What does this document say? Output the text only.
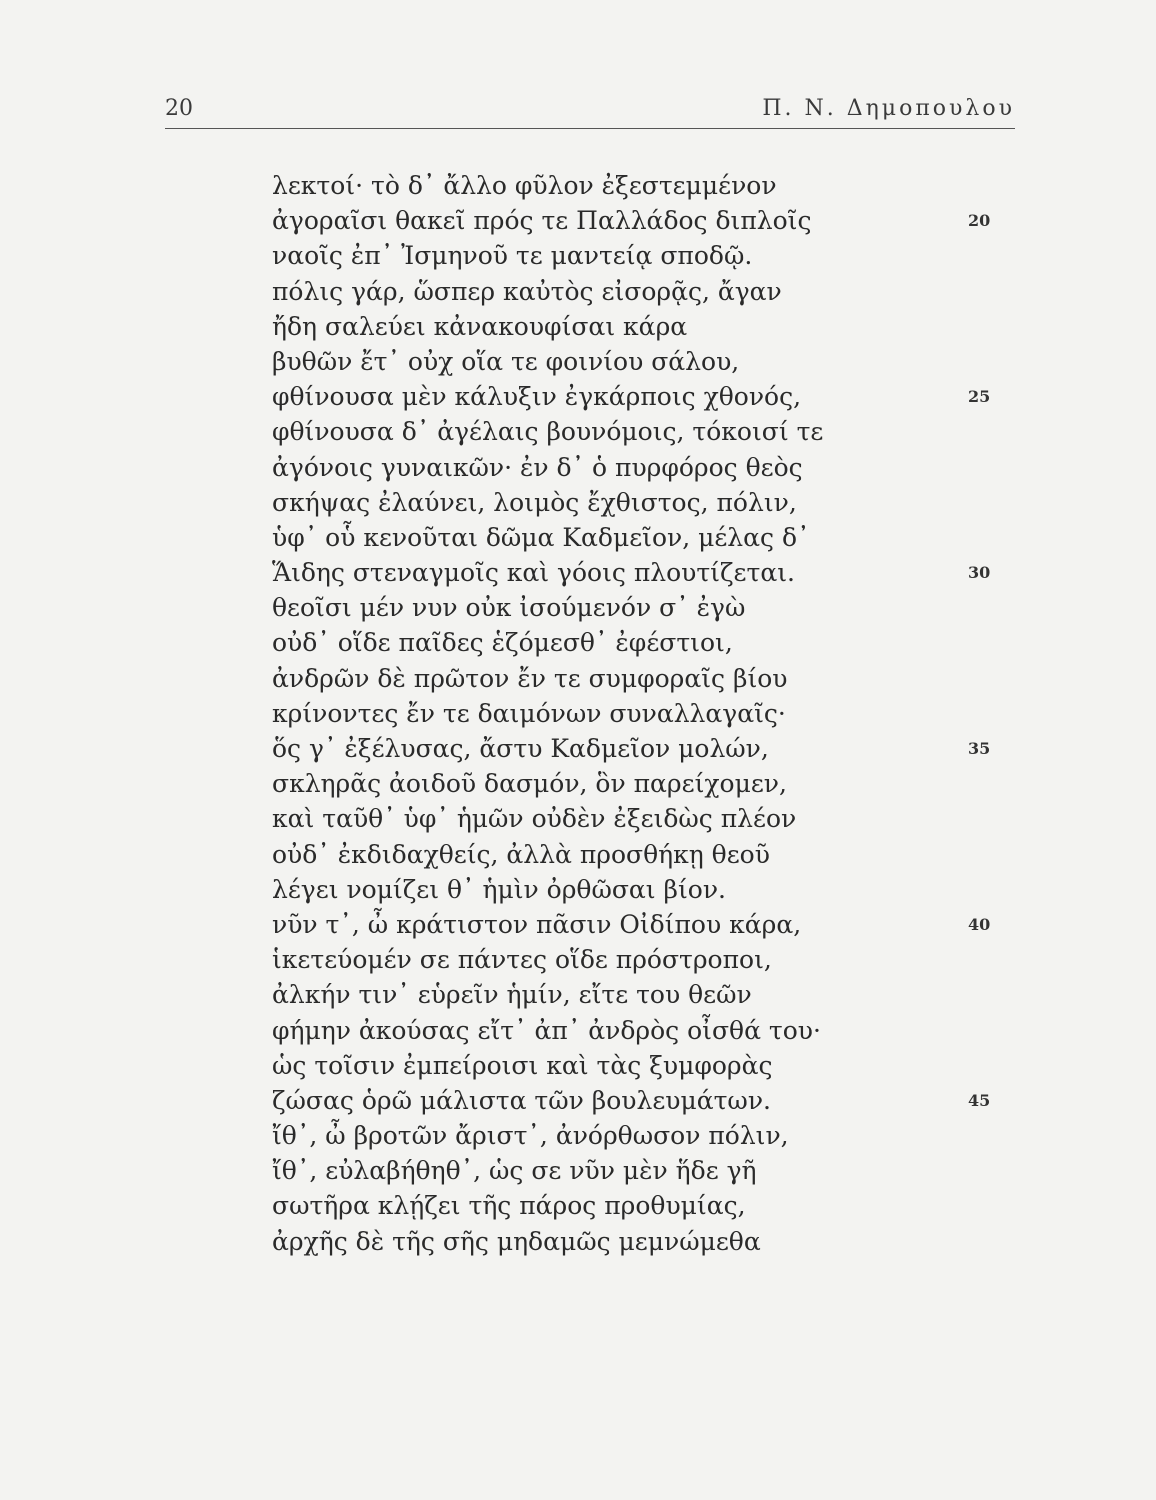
20	Π. Ν. Δημοπουλου
λεκτοί· τὸ δ᾽ ἄλλο φῦλον ἐξεστεμμένον
ἀγοραῖσι θακεῖ πρός τε Παλλάδος διπλοῖς	20
ναοῖς ἐπ᾽ Ἰσμηνοῦ τε μαντείᾳ σποδῷ.
πόλις γάρ, ὥσπερ καὐτὸς εἰσορᾷς, ἄγαν
ἤδη σαλεύει κἀνακουφίσαι κάρα
βυθῶν ἔτ᾽ οὐχ οἵα τε φοινίου σάλου,
φθίνουσα μὲν κάλυξιν ἐγκάρποις χθονός,	25
φθίνουσα δ᾽ ἀγέλαις βουνόμοις, τόκοισί τε
ἀγόνοις γυναικῶν· ἐν δ᾽ ὁ πυρφόρος θεὸς
σκήψας ἐλαύνει, λοιμὸς ἔχθιστος, πόλιν,
ὑφ᾽ οὗ κενοῦται δῶμα Καδμεῖον, μέλας δ᾽
Ἅιδης στεναγμοῖς καὶ γόοις πλουτίζεται.	30
θεοῖσι μέν νυν οὐκ ἰσούμενόν σ᾽ ἐγὼ
οὐδ᾽ οἵδε παῖδες ἑζόμεσθ᾽ ἐφέστιοι,
ἀνδρῶν δὲ πρῶτον ἔν τε συμφοραῖς βίου
κρίνοντες ἔν τε δαιμόνων συναλλαγαῖς·
ὅς γ᾽ ἐξέλυσας, ἄστυ Καδμεῖον μολών,	35
σκληρᾶς ἀοιδοῦ δασμόν, ὃν παρείχομεν,
καὶ ταῦθ᾽ ὑφ᾽ ἡμῶν οὐδὲν ἐξειδὼς πλέον
οὐδ᾽ ἐκδιδαχθείς, ἀλλὰ προσθήκῃ θεοῦ
λέγει νομίζει θ᾽ ἡμὶν ὀρθῶσαι βίον.
νῦν τ᾽, ὦ κράτιστον πᾶσιν Οἰδίπου κάρα,	40
ἱκετεύομέν σε πάντες οἵδε πρόστροποι,
ἀλκήν τιν᾽ εὑρεῖν ἡμίν, εἴτε του θεῶν
φήμην ἀκούσας εἴτ᾽ ἀπ᾽ ἀνδρὸς οἶσθά του·
ὡς τοῖσιν ἐμπείροισι καὶ τὰς ξυμφορὰς
ζώσας ὁρῶ μάλιστα τῶν βουλευμάτων.	45
ἴθ᾽, ὦ βροτῶν ἄριστ᾽, ἀνόρθωσον πόλιν,
ἴθ᾽, εὐλαβήθηθ᾽, ὡς σε νῦν μὲν ἥδε γῆ
σωτῆρα κλῄζει τῆς πάρος προθυμίας,
ἀρχῆς δὲ τῆς σῆς μηδαμῶς μεμνώμεθα
